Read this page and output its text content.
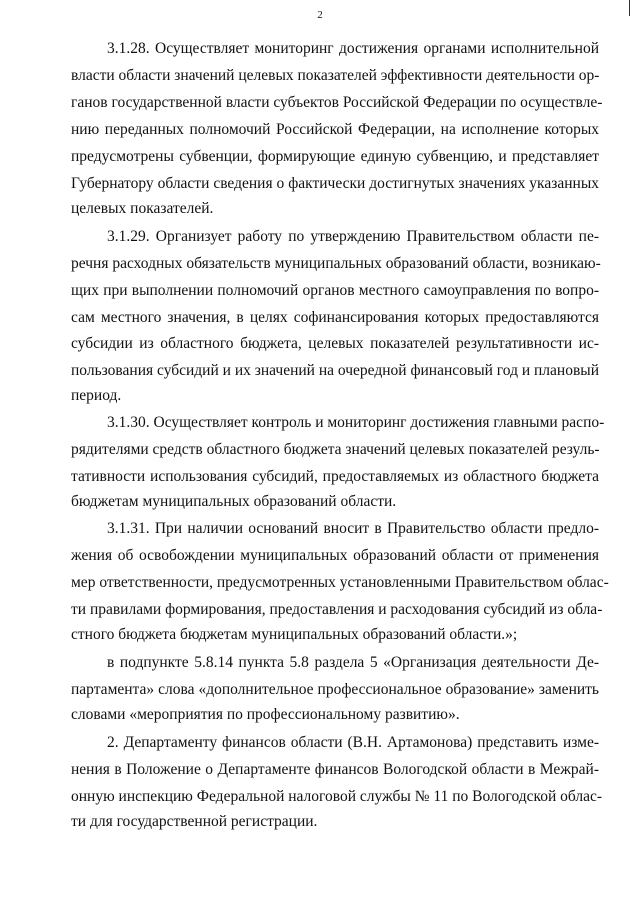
2
3.1.28. Осуществляет мониторинг достижения органами исполнительной
власти области значений целевых показателей эффективности деятельности ор-
ганов государственной власти субъектов Российской Федерации по осуществле-
нию переданных полномочий Российской Федерации, на исполнение которых
предусмотрены субвенции, формирующие единую субвенцию, и представляет
Губернатору области сведения о фактически достигнутых значениях указанных
целевых показателей.
3.1.29. Организует работу по утверждению Правительством области пе-
речня расходных обязательств муниципальных образований области, возникаю-
щих при выполнении полномочий органов местного самоуправления по вопро-
сам местного значения, в целях софинансирования которых предоставляются
субсидии из областного бюджета, целевых показателей результативности ис-
пользования субсидий и их значений на очередной финансовый год и плановый
период.
3.1.30. Осуществляет контроль и мониторинг достижения главными распо-
рядителями средств областного бюджета значений целевых показателей резуль-
тативности использования субсидий, предоставляемых из областного бюджета
бюджетам муниципальных образований области.
3.1.31. При наличии оснований вносит в Правительство области предло-
жения об освобождении муниципальных образований области от применения
мер ответственности, предусмотренных установленными Правительством облас-
ти правилами формирования, предоставления и расходования субсидий из обла-
стного бюджета бюджетам муниципальных образований области.»;
в подпункте 5.8.14 пункта 5.8 раздела 5 «Организация деятельности Де-
партамента» слова «дополнительное профессиональное образование» заменить
словами «мероприятия по профессиональному развитию».
2. Департаменту финансов области (В.Н. Артамонова) представить изме-
нения в Положение о Департаменте финансов Вологодской области в Межрай-
онную инспекцию Федеральной налоговой службы № 11 по Вологодской облас-
ти для государственной регистрации.
